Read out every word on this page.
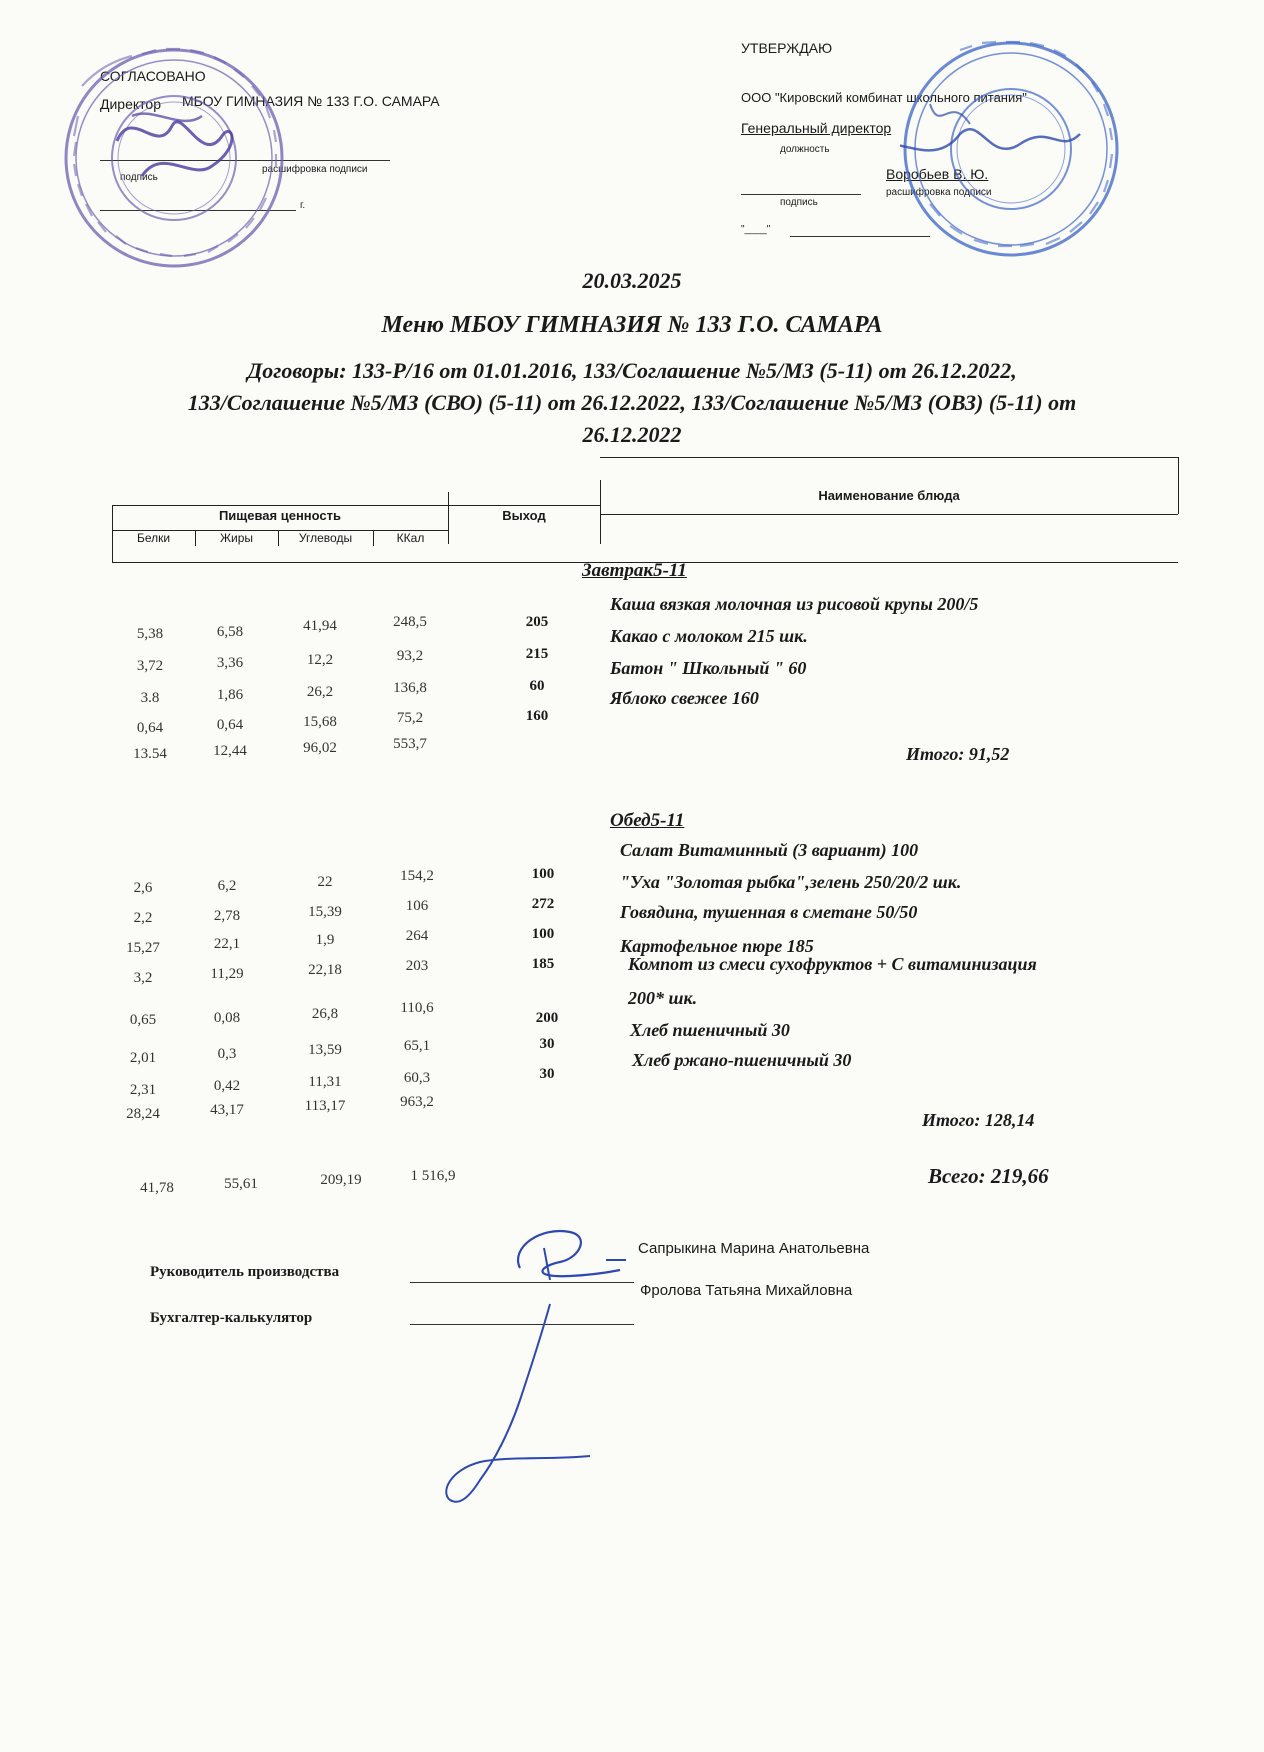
СОГЛАСОВАНО
Директор МБОУ ГИМНАЗИЯ № 133 Г.О. САМАРА
подпись
расшифровка подписи
г.
УТВЕРЖДАЮ
ООО "Кировский комбинат школьного питания"
Генеральный директор
должность
Воробьев В. Ю.
подпись
расшифровка подписи
"____"
20.03.2025
Меню МБОУ ГИМНАЗИЯ № 133 Г.О. САМАРА
Договоры: 133-Р/16 от 01.01.2016, 133/Соглашение №5/МЗ (5-11) от 26.12.2022,
133/Соглашение №5/МЗ (СВО) (5-11) от 26.12.2022, 133/Соглашение №5/МЗ (ОВЗ) (5-11) от
26.12.2022
Пищевая ценность	Выход
Наименование блюда
Белки	Жиры	Углеводы	ККал
Завтрак5-11
5,38	6,58	41,94	248,5	205
Каша вязкая молочная из рисовой крупы 200/5
3,72	3,36	12,2	93,2	215
Какао с молоком 215 шк.
3.8	1,86	26,2	136,8	60
Батон " Школьный " 60
0,64	0,64	15,68	75,2	160
Яблоко свежее 160
13.54	12,44	96,02	553,7	Итого: 91,52
Обед5-11
2,6	6,2	22	154,2	100
Салат Витаминный (3 вариант) 100
2,2	2,78	15,39	106	272
"Уха "Золотая рыбка",зелень 250/20/2 шк.
15,27	22,1	1,9	264	100
Говядина, тушенная в сметане 50/50
3,2	11,29	22,18	203	185
Картофельное пюре 185
0,65	0,08	26,8	110,6
200
Компот из смеси сухофруктов + С витаминизация
200* шк.
2,01	0,3	13,59	65,1	30
Хлеб пшеничный 30
2,31	0,42	11,31	60,3	30
Хлеб ржано-пшеничный 30
28,24	43,17	113,17	963,2
Итого: 128,14
41,78	55,61	209,19	1 516,9	Всего: 219,66
Руководитель производства
Сапрыкина Марина Анатольевна
Бухгалтер-калькулятор
Фролова Татьяна Михайловна
